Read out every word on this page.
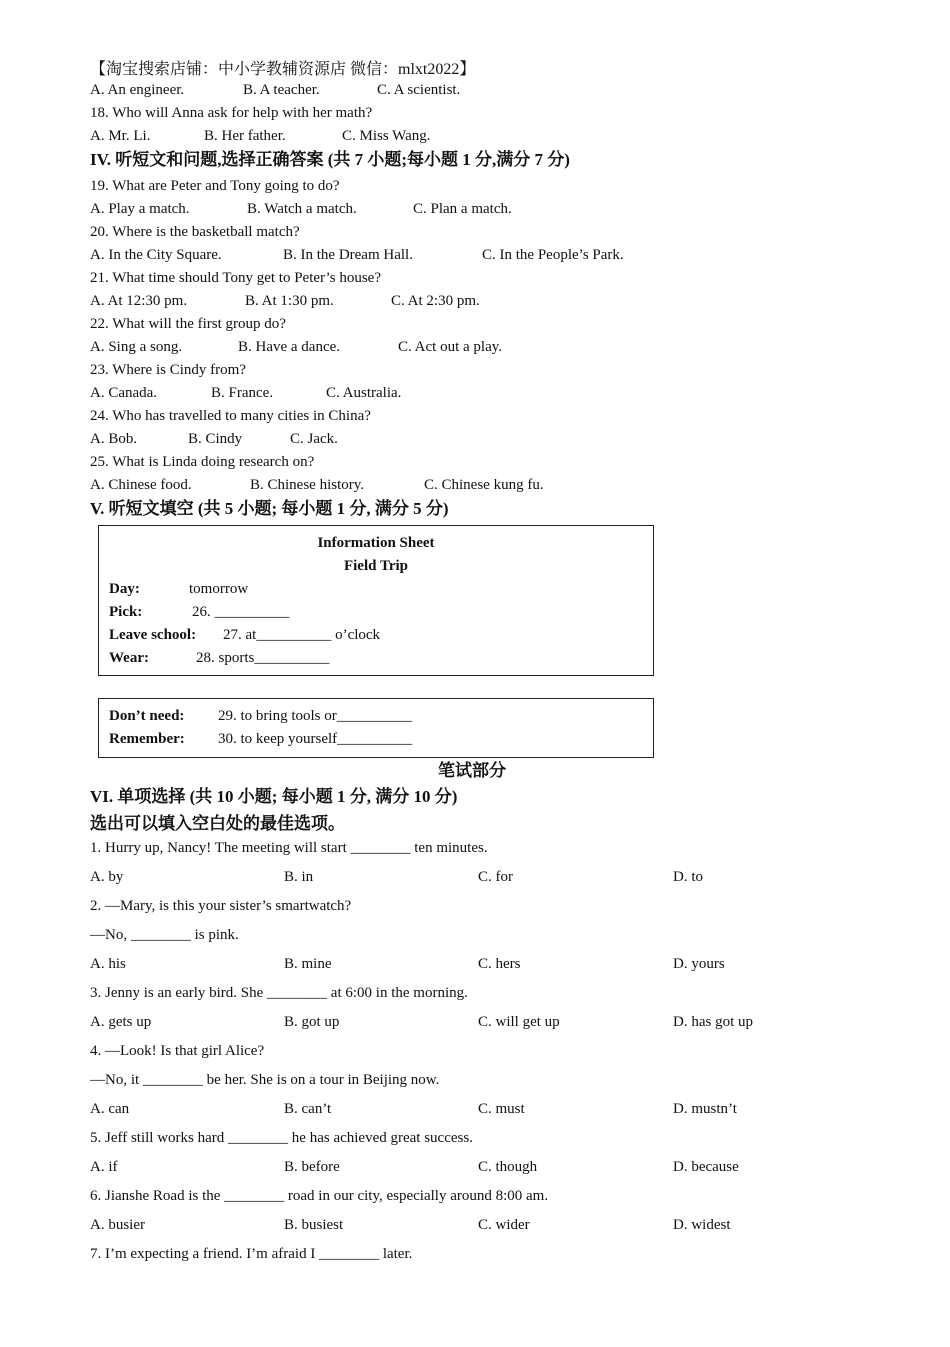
【淘宝搜索店铺：中小学教辅资源店 微信：mlxt2022】
A. An engineer.	B. A teacher.	C. A scientist.
18. Who will Anna ask for help with her math?
A. Mr. Li.	B. Her father.	C. Miss Wang.
IV. 听短文和问题,选择正确答案 (共 7 小题;每小题 1 分,满分 7 分)
19. What are Peter and Tony going to do?
A. Play a match.	B. Watch a match.	C. Plan a match.
20. Where is the basketball match?
A. In the City Square.	B. In the Dream Hall.	C. In the People’s Park.
21. What time should Tony get to Peter’s house?
A. At 12:30 pm.	B. At 1:30 pm.	C. At 2:30 pm.
22. What will the first group do?
A. Sing a song.	B. Have a dance.	C. Act out a play.
23. Where is Cindy from?
A. Canada.	B. France.	C. Australia.
24. Who has travelled to many cities in China?
A. Bob.	B. Cindy	C. Jack.
25. What is Linda doing research on?
A. Chinese food.	B. Chinese history.	C. Chinese kung fu.
V. 听短文填空 (共 5 小题; 每小题 1 分, 满分 5 分)
Information Sheet
Field Trip
Day:	tomorrow
Pick:	26. __________
Leave school: 27. at__________ o’clock
Wear:	28. sports__________
Don’t need: 29. to bring tools or__________
Remember: 30. to keep yourself__________
笔试部分
VI. 单项选择 (共 10 小题; 每小题 1 分, 满分 10 分)
选出可以填入空白处的最佳选项。
1. Hurry up, Nancy! The meeting will start ________ ten minutes.
A. by	B. in	C. for	D. to
2. —Mary, is this your sister’s smartwatch?
—No, ________ is pink.
A. his	B. mine	C. hers	D. yours
3. Jenny is an early bird. She ________ at 6:00 in the morning.
A. gets up	B. got up	C. will get up	D. has got up
4. —Look! Is that girl Alice?
—No, it ________ be her. She is on a tour in Beijing now.
A. can	B. can’t	C. must	D. mustn’t
5. Jeff still works hard ________ he has achieved great success.
A. if	B. before	C. though	D. because
6. Jianshe Road is the ________ road in our city, especially around 8:00 am.
A. busier	B. busiest	C. wider	D. widest
7. I’m expecting a friend. I’m afraid I ________ later.
